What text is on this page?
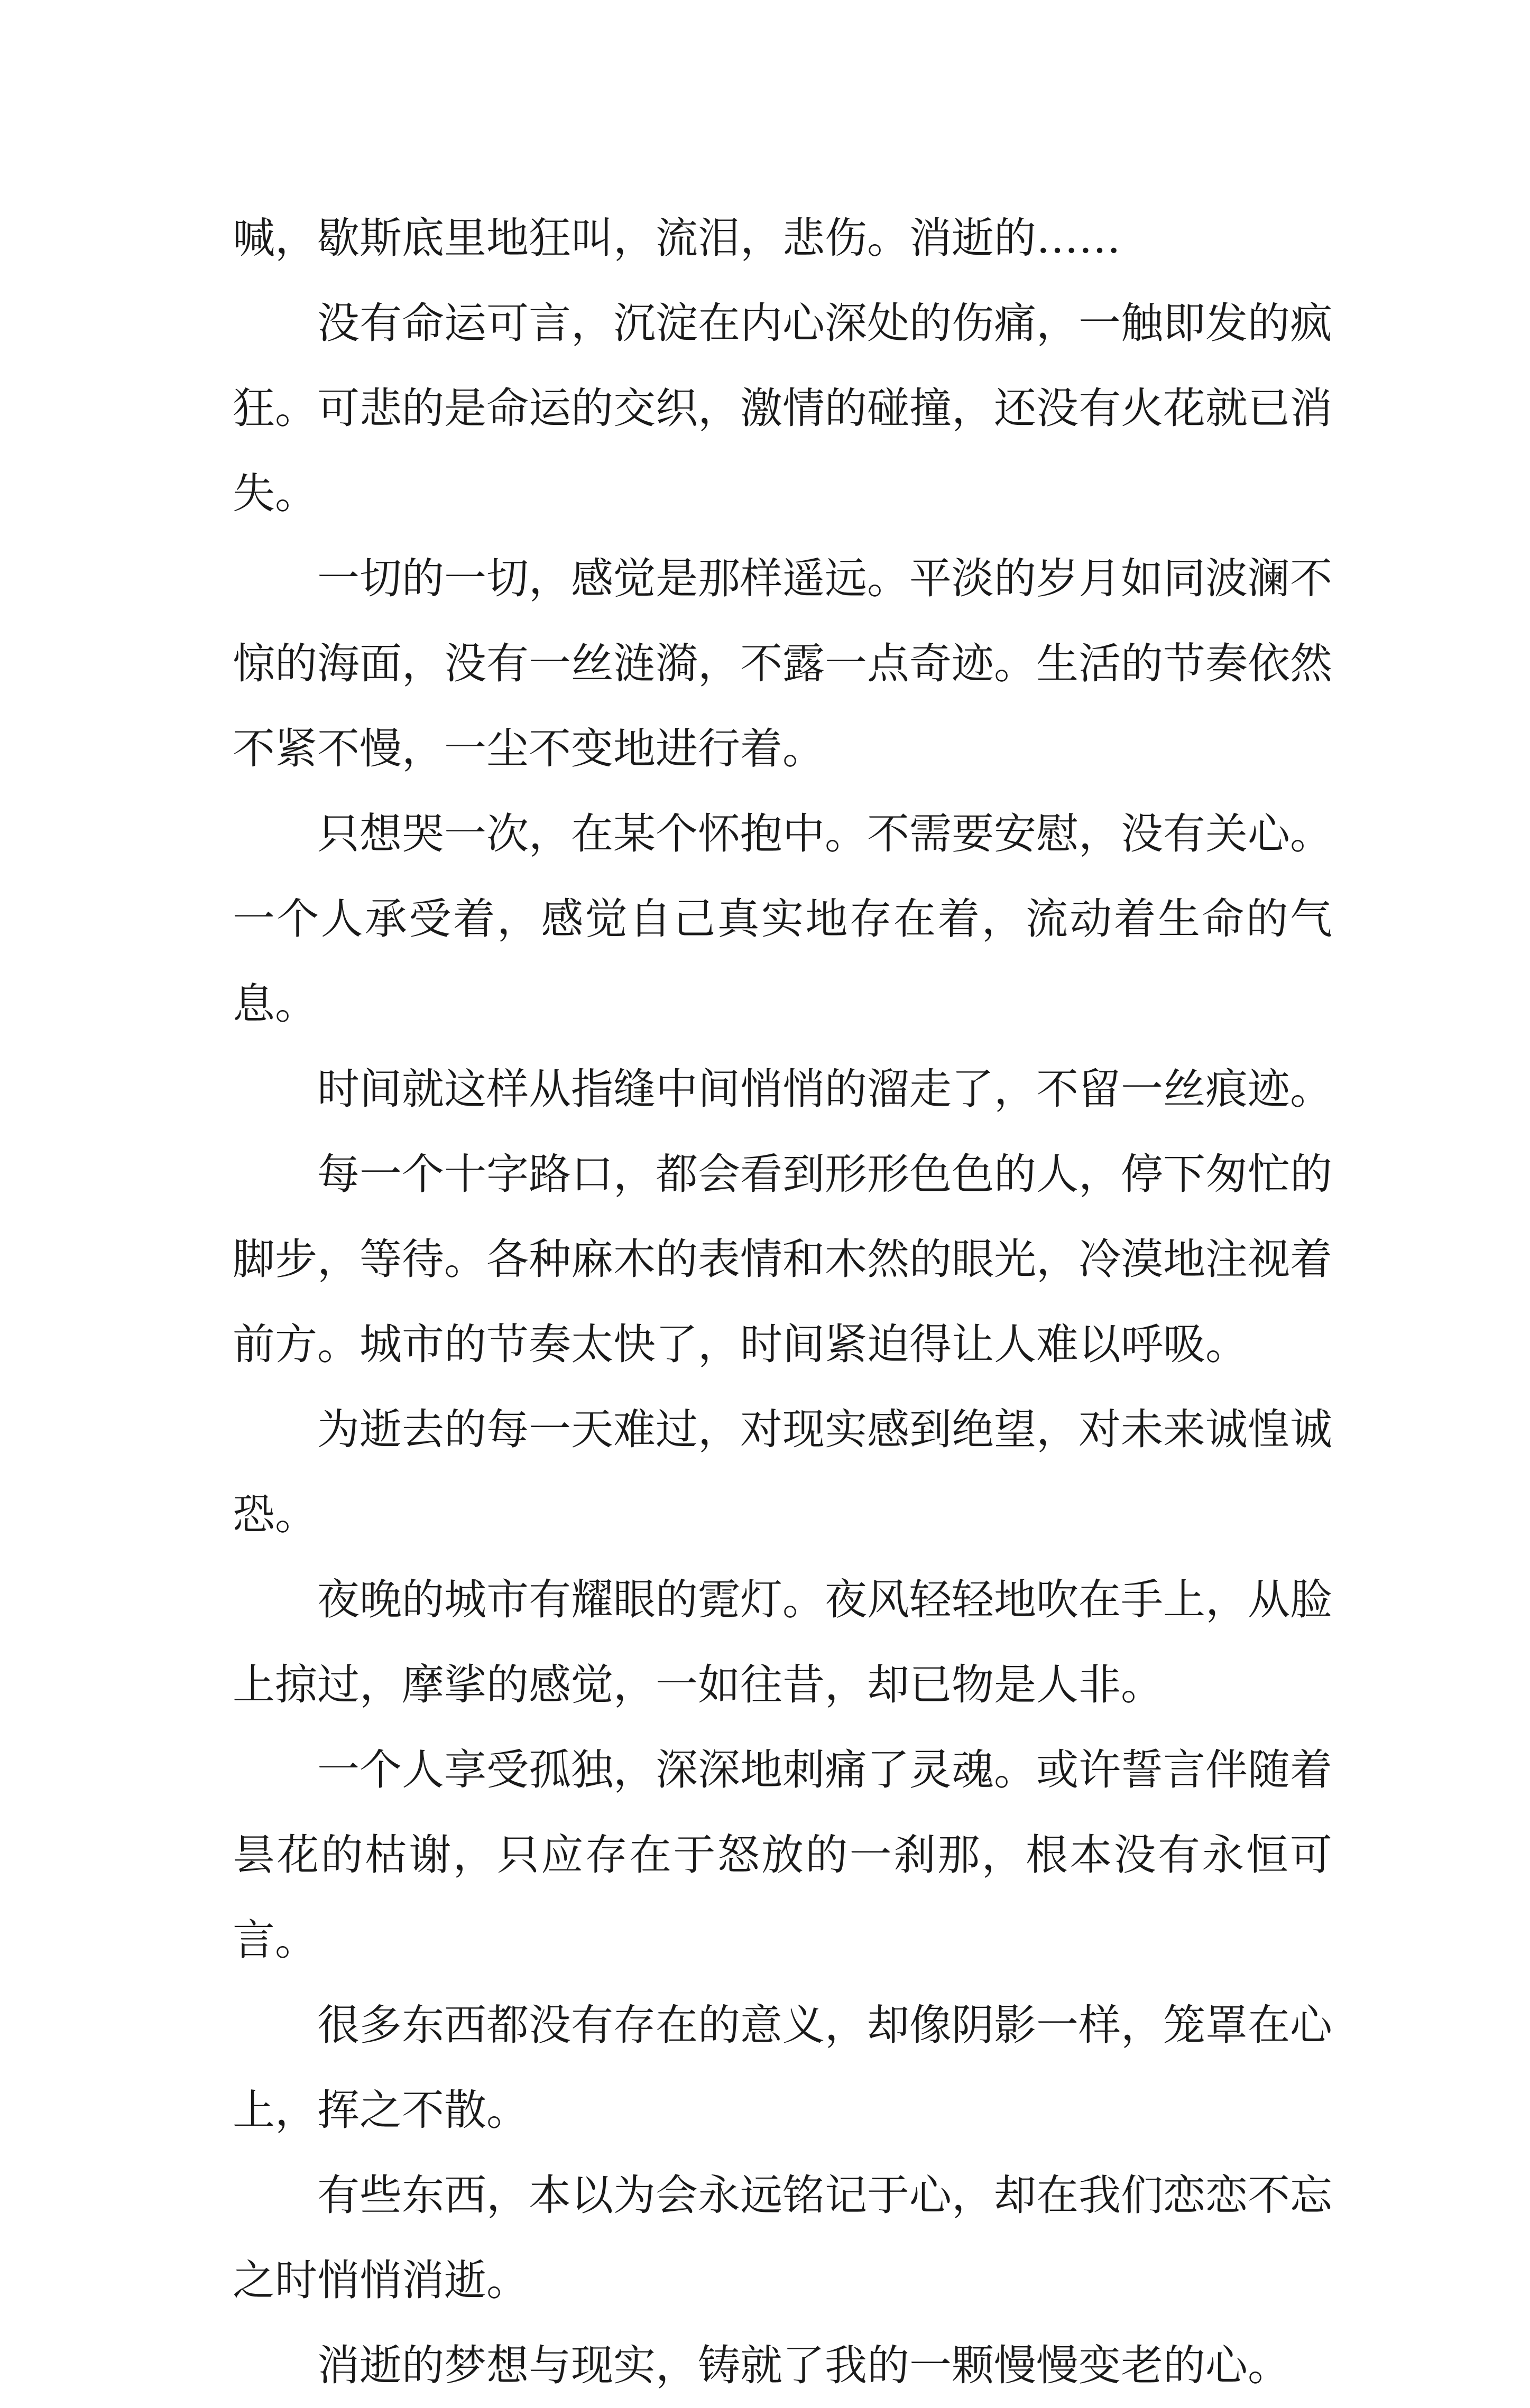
喊，歇斯底里地狂叫，流泪，悲伤。消逝的……

没有命运可言，沉淀在内心深处的伤痛，一触即发的疯狂。可悲的是命运的交织，激情的碰撞，还没有火花就已消失。

一切的一切，感觉是那样遥远。平淡的岁月如同波澜不惊的海面，没有一丝涟漪，不露一点奇迹。生活的节奏依然不紧不慢，一尘不变地进行着。

只想哭一次，在某个怀抱中。不需要安慰，没有关心。一个人承受着，感觉自己真实地存在着，流动着生命的气息。

时间就这样从指缝中间悄悄的溜走了，不留一丝痕迹。

每一个十字路口，都会看到形形色色的人，停下匆忙的脚步，等待。各种麻木的表情和木然的眼光，冷漠地注视着前方。城市的节奏太快了，时间紧迫得让人难以呼吸。

为逝去的每一天难过，对现实感到绝望，对未来诚惶诚恐。

夜晚的城市有耀眼的霓灯。夜风轻轻地吹在手上，从脸上掠过，摩挲的感觉，一如往昔，却已物是人非。

一个人享受孤独，深深地刺痛了灵魂。或许誓言伴随着昙花的枯谢，只应存在于怒放的一刹那，根本没有永恒可言。

很多东西都没有存在的意义，却像阴影一样，笼罩在心上，挥之不散。

有些东西，本以为会永远铭记于心，却在我们恋恋不忘之时悄悄消逝。

消逝的梦想与现实，铸就了我的一颗慢慢变老的心。
